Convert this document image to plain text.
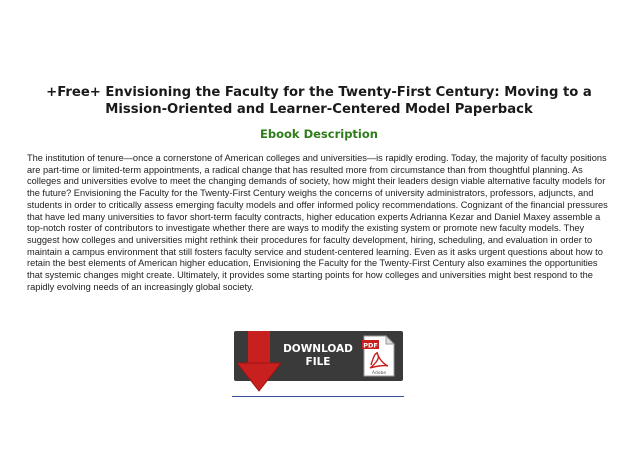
+Free+ Envisioning the Faculty for the Twenty-First Century: Moving to a Mission-Oriented and Learner-Centered Model Paperback
Ebook Description

The institution of tenure—once a cornerstone of American colleges and universities—is rapidly eroding. Today, the majority of faculty positions are part-time or limited-term appointments, a radical change that has resulted more from circumstance than from thoughtful planning. As colleges and universities evolve to meet the changing demands of society, how might their leaders design viable alternative faculty models for the future? Envisioning the Faculty for the Twenty-First Century weighs the concerns of university administrators, professors, adjuncts, and students in order to critically assess emerging faculty models and offer informed policy recommendations. Cognizant of the financial pressures that have led many universities to favor short-term faculty contracts, higher education experts Adrianna Kezar and Daniel Maxey assemble a top-notch roster of contributors to investigate whether there are ways to modify the existing system or promote new faculty models. They suggest how colleges and universities might rethink their procedures for faculty development, hiring, scheduling, and evaluation in order to maintain a campus environment that still fosters faculty service and student-centered learning. Even as it asks urgent questions about how to retain the best elements of American higher education, Envisioning the Faculty for the Twenty-First Century also examines the opportunities that systemic changes might create. Ultimately, it provides some starting points for how colleges and universities might best respond to the rapidly evolving needs of an increasingly global society.

DOWNLOAD
FILE
PDF
Adobe
